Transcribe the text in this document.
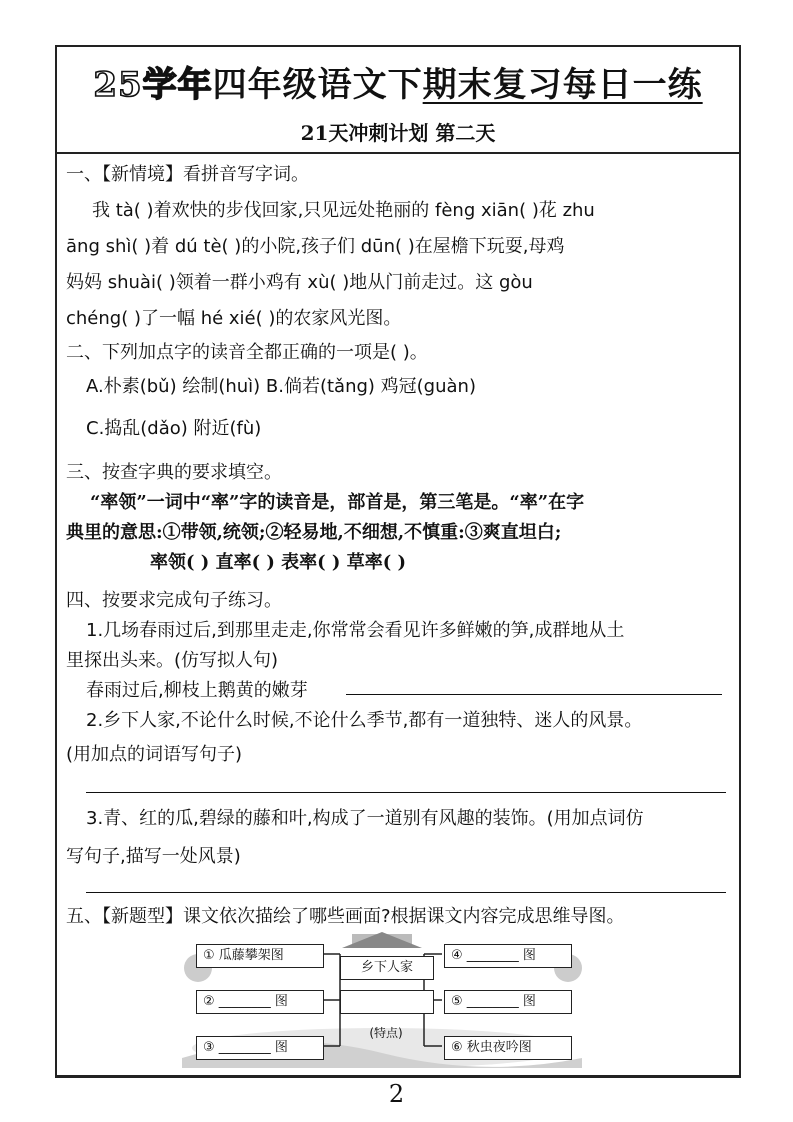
25学年四年级语文下期末复习每日一练
21天冲刺计划 第二天
一、【新情境】看拼音写字词。
我 tà( )着欢快的步伐回家,只见远处艳丽的 fèng xiān( )花 zhu
āng shì( )着 dú tè( )的小院,孩子们 dūn( )在屋檐下玩耍,母鸡
妈妈 shuài( )领着一群小鸡有 xù( )地从门前走过。这 gòu
chéng( )了一幅 hé xié( )的农家风光图。
二、下列加点字的读音全都正确的一项是( )。
A.朴素(bǔ) 绘制(huì) B.倘若(tǎng) 鸡冠(guàn)
C.捣乱(dǎo) 附近(fù)
三、按查字典的要求填空。
“率领”一词中“率”字的读音是，部首是，第三笔是。“率”在字
典里的意思:①带领,统领;②轻易地,不细想,不慎重:③爽直坦白;
率领( ) 直率( ) 表率( ) 草率( )
四、按要求完成句子练习。
1.几场春雨过后,到那里走走,你常常会看见许多鲜嫩的笋,成群地从土
里探出头来。(仿写拟人句)
春雨过后,柳枝上鹅黄的嫩芽
2.乡下人家,不论什么时候,不论什么季节,都有一道独特、迷人的风景。
(用加点的词语写句子)
3.青、红的瓜,碧绿的藤和叶,构成了一道别有风趣的装饰。(用加点词仿
写句子,描写一处风景)
五、【新题型】课文依次描绘了哪些画面?根据课文内容完成思维导图。
① 瓜藤攀架图
② ________ 图
③ ________ 图
④ ________ 图
⑤ ________ 图
⑥ 秋虫夜吟图
乡下人家
(特点)
2
